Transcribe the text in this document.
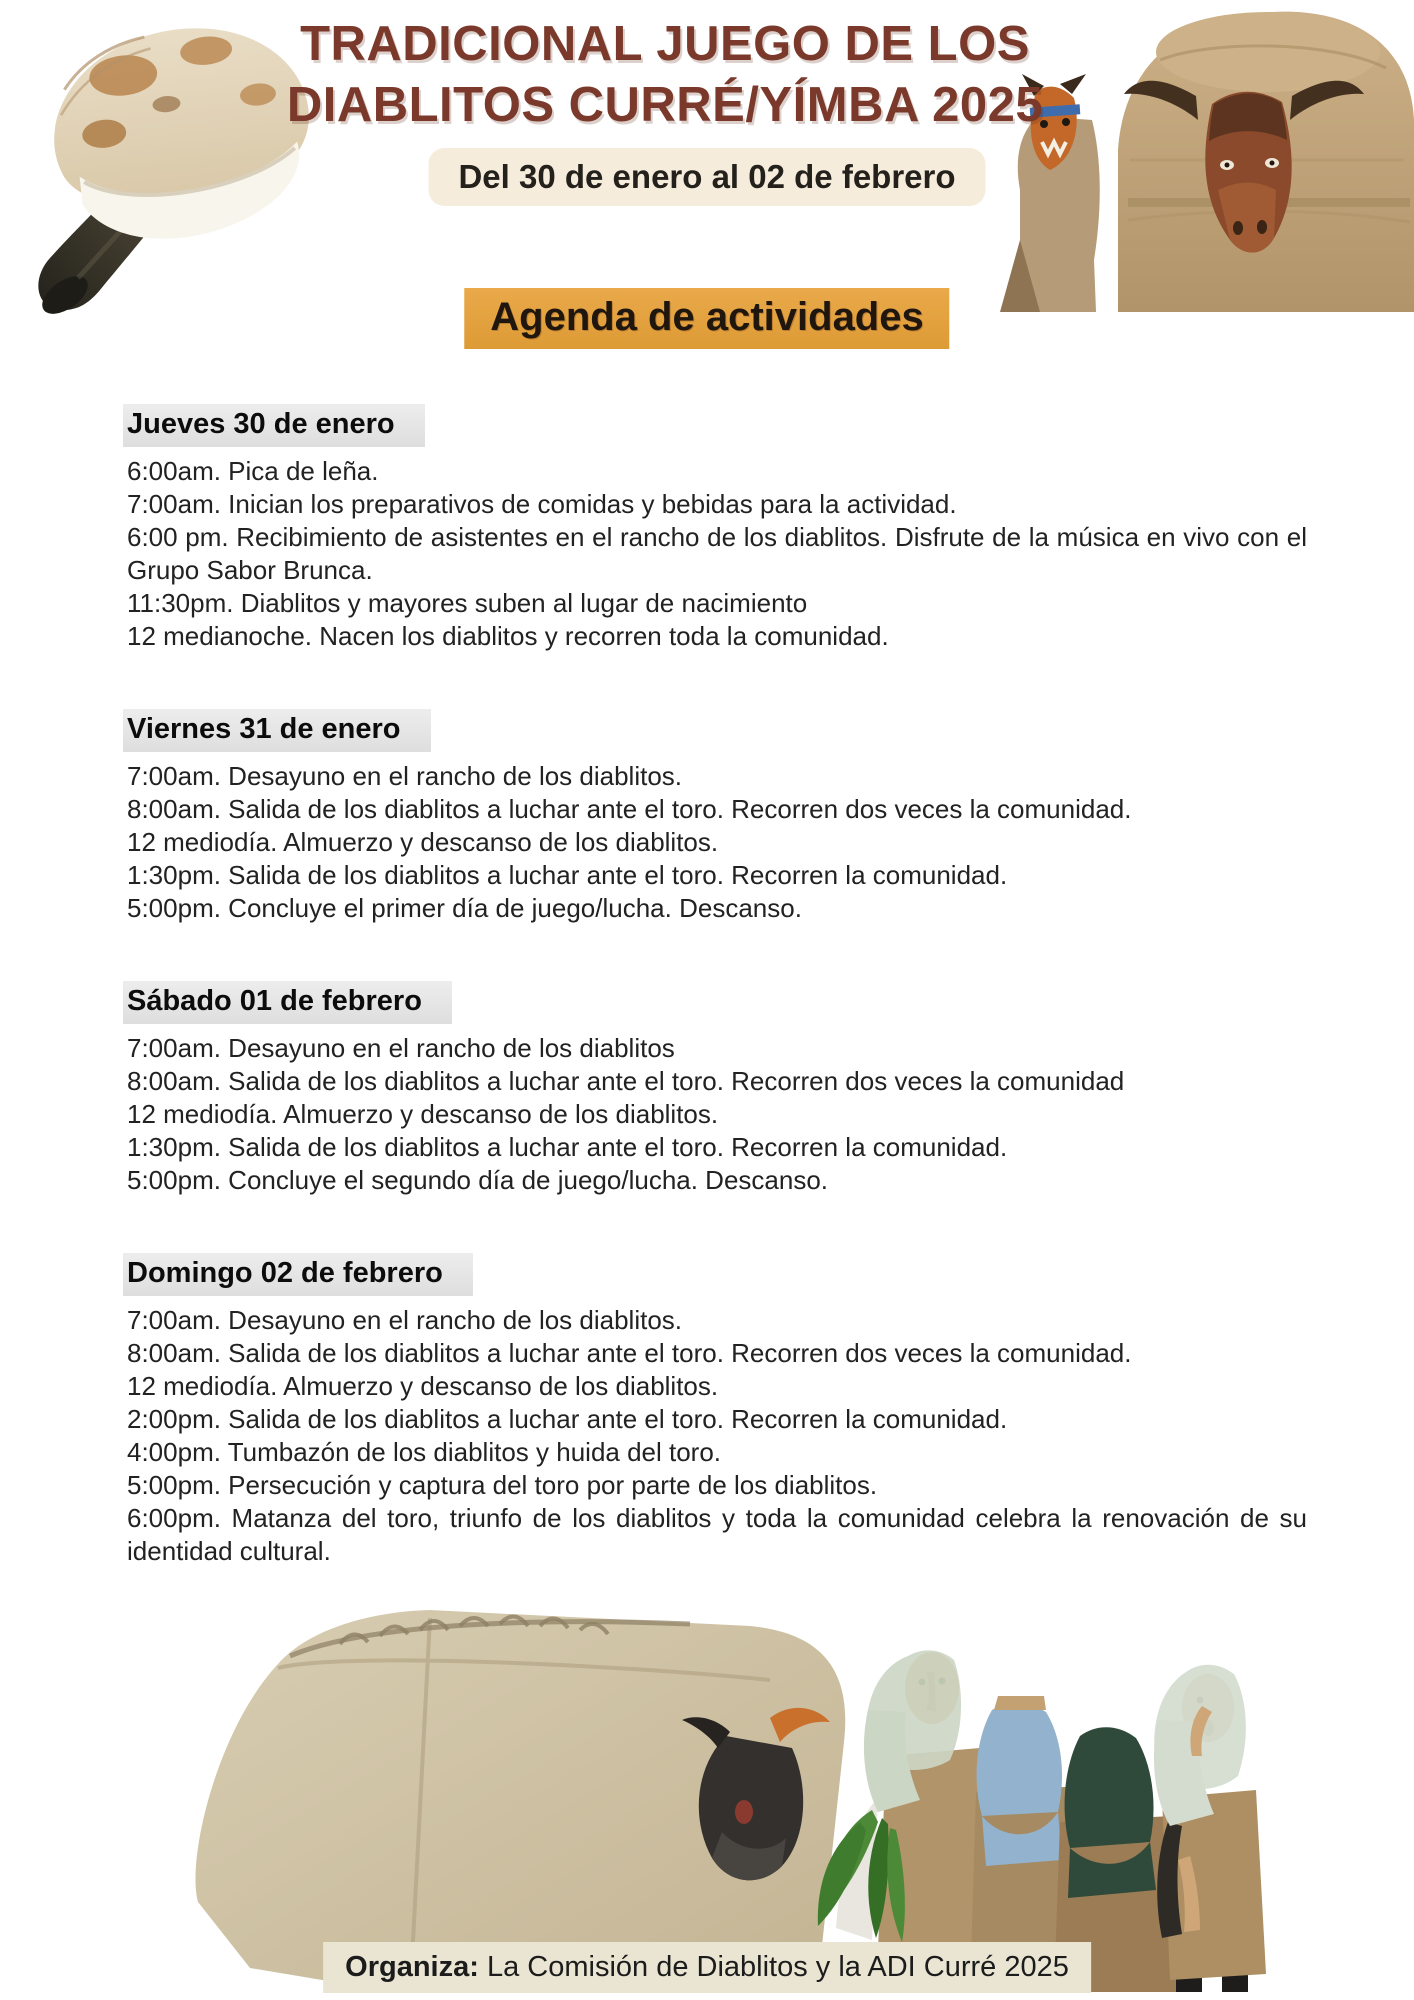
TRADICIONAL JUEGO DE LOS
DIABLITOS CURRÉ/YÍMBA 2025
Del 30 de enero al 02 de febrero
Agenda de actividades
Jueves 30 de enero

6:00am. Pica de leña.

7:00am. Inician los preparativos de comidas y bebidas para la actividad.

6:00 pm. Recibimiento de asistentes en el rancho de los diablitos. Disfrute de la música en vivo con el Grupo Sabor Brunca.

11:30pm. Diablitos y mayores suben al lugar de nacimiento

12 medianoche. Nacen los diablitos y recorren toda la comunidad.

Viernes 31 de enero

7:00am. Desayuno en el rancho de los diablitos.

8:00am. Salida de los diablitos a luchar ante el toro. Recorren dos veces la comunidad.

12 mediodía. Almuerzo y descanso de los diablitos.

1:30pm. Salida de los diablitos a luchar ante el toro. Recorren la comunidad.

5:00pm. Concluye el primer día de juego/lucha. Descanso.

Sábado 01 de febrero

7:00am. Desayuno en el rancho de los diablitos

8:00am. Salida de los diablitos a luchar ante el toro. Recorren dos veces la comunidad

12 mediodía. Almuerzo y descanso de los diablitos.

1:30pm. Salida de los diablitos a luchar ante el toro. Recorren la comunidad.

5:00pm. Concluye el segundo día de juego/lucha. Descanso.

Domingo 02 de febrero

7:00am. Desayuno en el rancho de los diablitos.

8:00am. Salida de los diablitos a luchar ante el toro. Recorren dos veces la comunidad.

12 mediodía. Almuerzo y descanso de los diablitos.

2:00pm. Salida de los diablitos a luchar ante el toro. Recorren la comunidad.

4:00pm. Tumbazón de los diablitos y huida del toro.

5:00pm. Persecución y captura del toro por parte de los diablitos.

6:00pm. Matanza del toro, triunfo de los diablitos y toda la comunidad celebra la renovación de su identidad cultural.

Organiza: La Comisión de Diablitos y la ADI Curré 2025
